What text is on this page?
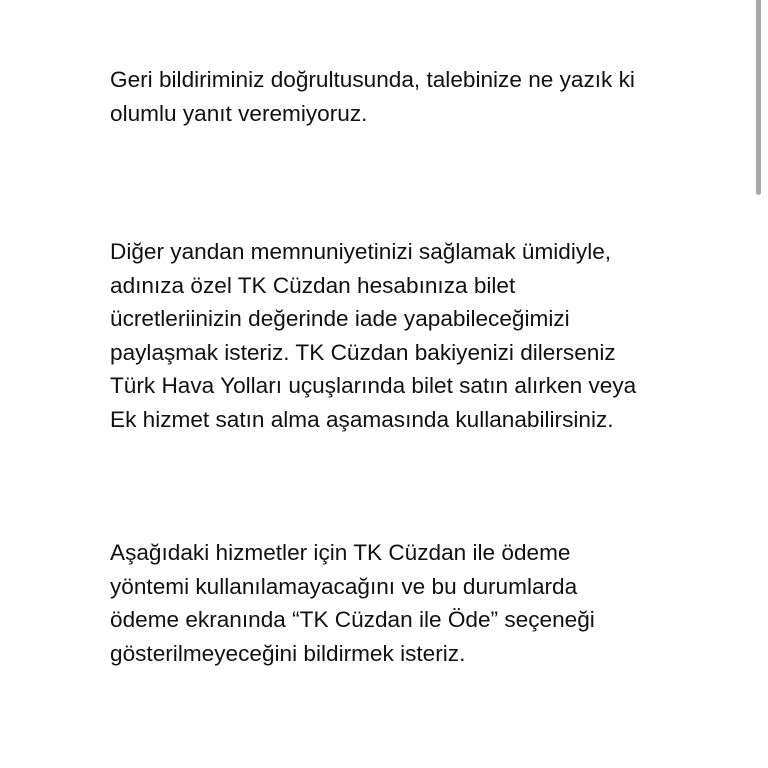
Geri bildiriminiz doğrultusunda, talebinize ne yazık ki
olumlu yanıt veremiyoruz.
Diğer yandan memnuniyetinizi sağlamak ümidiyle,
adınıza özel TK Cüzdan hesabınıza bilet
ücretleriinizin değerinde iade yapabileceğimizi
paylaşmak isteriz. TK Cüzdan bakiyenizi dilerseniz
Türk Hava Yolları uçuşlarında bilet satın alırken veya
Ek hizmet satın alma aşamasında kullanabilirsiniz.
Aşağıdaki hizmetler için TK Cüzdan ile ödeme
yöntemi kullanılamayacağını ve bu durumlarda
ödeme ekranında “TK Cüzdan ile Öde” seçeneği
gösterilmeyeceğini bildirmek isteriz.
